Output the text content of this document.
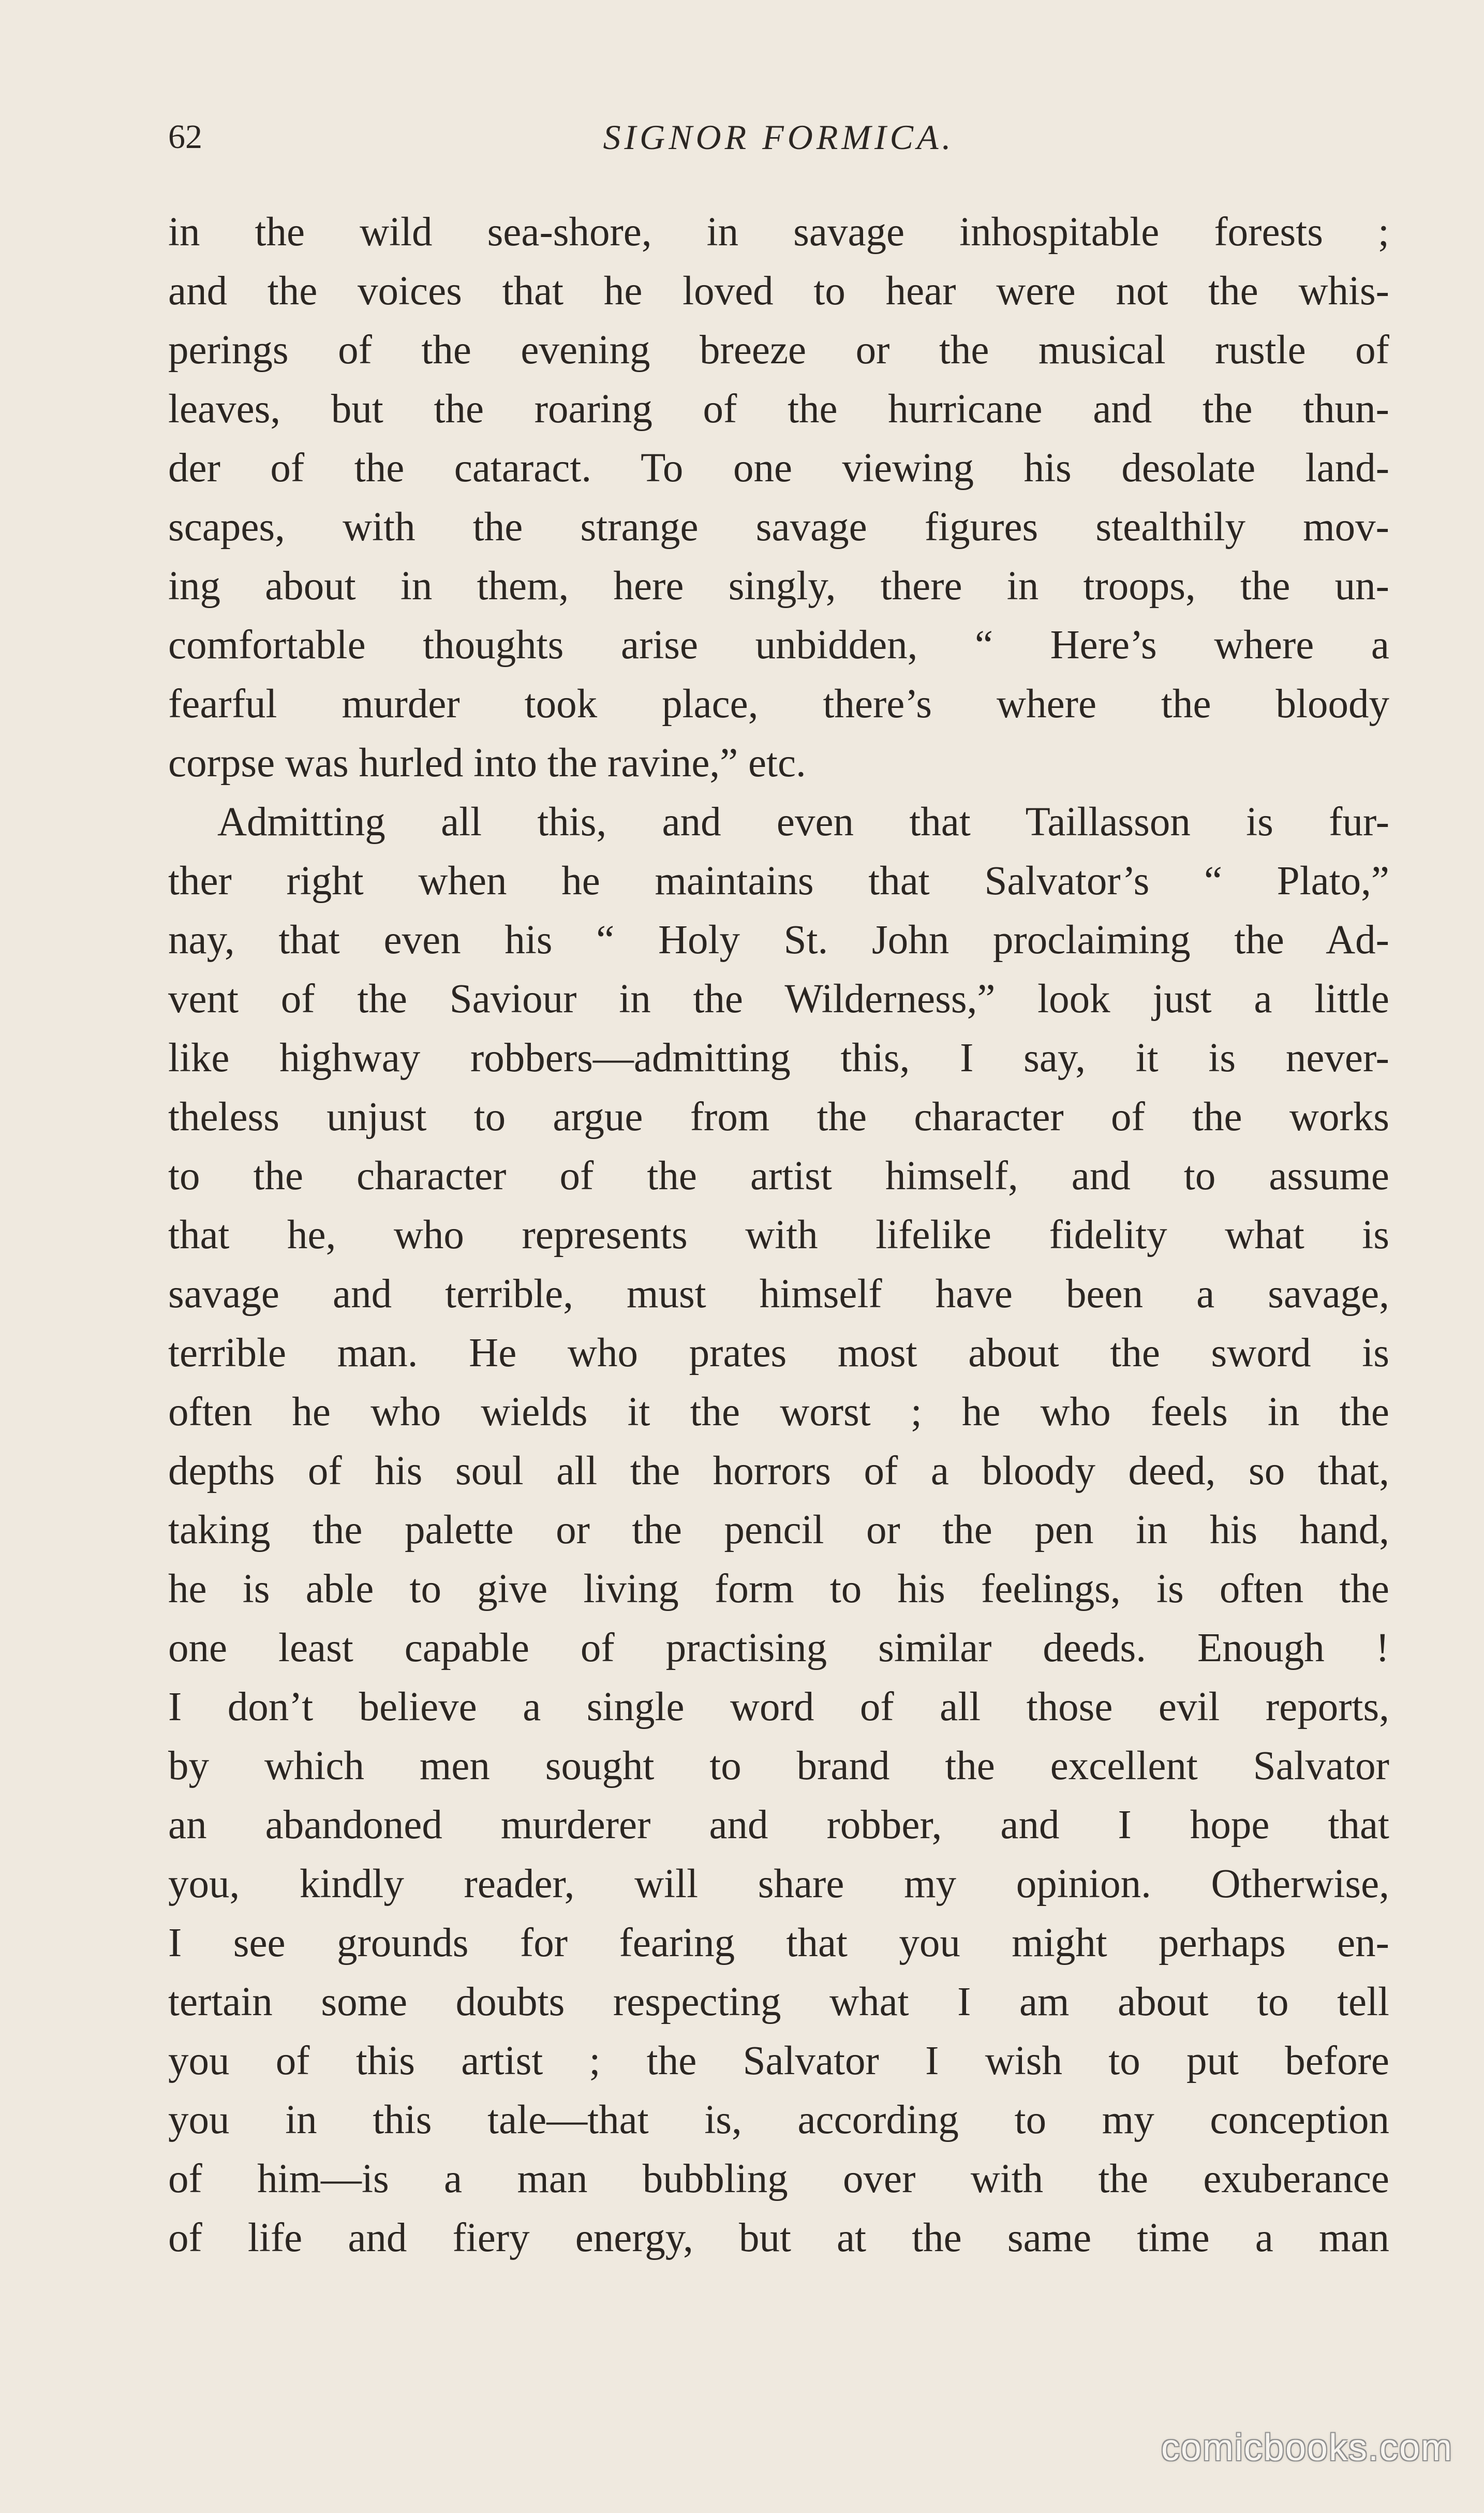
62	SIGNOR FORMICA.
in the wild sea-shore, in savage inhospitable forests ;
and the voices that he loved to hear were not the whis-
perings of the evening breeze or the musical rustle of
leaves, but the roaring of the hurricane and the thun-
der of the cataract. To one viewing his desolate land-
scapes, with the strange savage figures stealthily mov-
ing about in them, here singly, there in troops, the un-
comfortable thoughts arise unbidden, “ Here’s where a
fearful murder took place, there’s where the bloody
corpse was hurled into the ravine,” etc.
Admitting all this, and even that Taillasson is fur-
ther right when he maintains that Salvator’s “ Plato,”
nay, that even his “ Holy St. John proclaiming the Ad-
vent of the Saviour in the Wilderness,” look just a little
like highway robbers—admitting this, I say, it is never-
theless unjust to argue from the character of the works
to the character of the artist himself, and to assume
that he, who represents with lifelike fidelity what is
savage and terrible, must himself have been a savage,
terrible man. He who prates most about the sword is
often he who wields it the worst ; he who feels in the
depths of his soul all the horrors of a bloody deed, so that,
taking the palette or the pencil or the pen in his hand,
he is able to give living form to his feelings, is often the
one least capable of practising similar deeds. Enough !
I don’t believe a single word of all those evil reports,
by which men sought to brand the excellent Salvator
an abandoned murderer and robber, and I hope that
you, kindly reader, will share my opinion. Otherwise,
I see grounds for fearing that you might perhaps en-
tertain some doubts respecting what I am about to tell
you of this artist ; the Salvator I wish to put before
you in this tale—that is, according to my conception
of him—is a man bubbling over with the exuberance
of life and fiery energy, but at the same time a man
comicbooks.com
